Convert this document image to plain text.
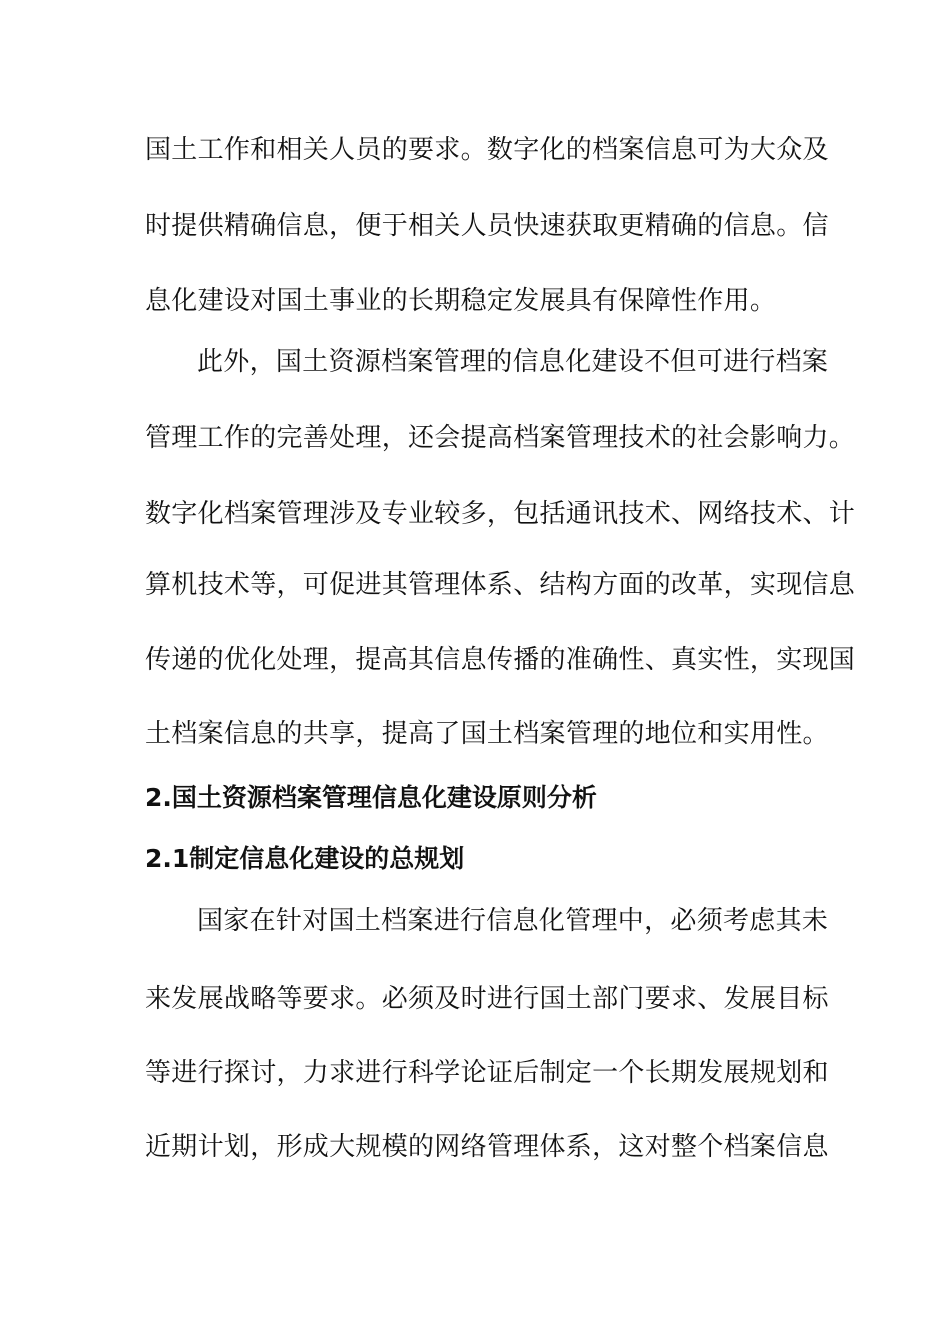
国土工作和相关人员的要求。数字化的档案信息可为大众及
时提供精确信息，便于相关人员快速获取更精确的信息。信
息化建设对国土事业的长期稳定发展具有保障性作用。
此外，国土资源档案管理的信息化建设不但可进行档案
管理工作的完善处理，还会提高档案管理技术的社会影响力。
数字化档案管理涉及专业较多，包括通讯技术、网络技术、计
算机技术等，可促进其管理体系、结构方面的改革，实现信息
传递的优化处理，提高其信息传播的准确性、真实性，实现国
土档案信息的共享，提高了国土档案管理的地位和实用性。
2.国土资源档案管理信息化建设原则分析
2.1制定信息化建设的总规划
国家在针对国土档案进行信息化管理中，必须考虑其未
来发展战略等要求。必须及时进行国土部门要求、发展目标
等进行探讨，力求进行科学论证后制定一个长期发展规划和
近期计划，形成大规模的网络管理体系，这对整个档案信息
